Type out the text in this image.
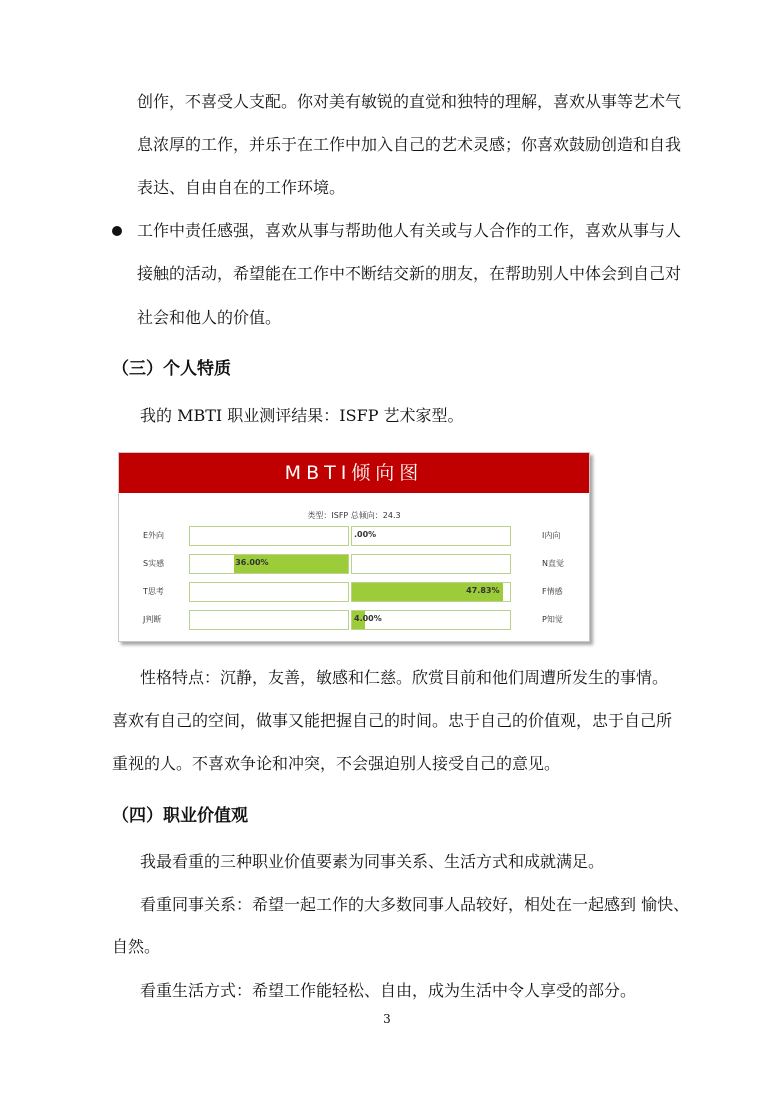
创作，不喜受人支配。你对美有敏锐的直觉和独特的理解，喜欢从事等艺术气
息浓厚的工作，并乐于在工作中加入自己的艺术灵感；你喜欢鼓励创造和自我
表达、自由自在的工作环境。
工作中责任感强，喜欢从事与帮助他人有关或与人合作的工作，喜欢从事与人
接触的活动，希望能在工作中不断结交新的朋友，在帮助别人中体会到自己对
社会和他人的价值。
（三）个人特质
我的 MBTI 职业测评结果：ISFP 艺术家型。
MBTI倾向图
类型：ISFP 总倾向：24.3
E外向	.00%	I内向
S实感	36.00%	N直觉
T思考	47.83%	F情感
J判断	4.00%	P知觉
性格特点：沉静，友善，敏感和仁慈。欣赏目前和他们周遭所发生的事情。
喜欢有自己的空间，做事又能把握自己的时间。忠于自己的价值观，忠于自己所
重视的人。不喜欢争论和冲突，不会强迫别人接受自己的意见。
（四）职业价值观
我最看重的三种职业价值要素为同事关系、生活方式和成就满足。
看重同事关系：希望一起工作的大多数同事人品较好，相处在一起感到 愉快、
自然。
看重生活方式：希望工作能轻松、自由，成为生活中令人享受的部分。
3
